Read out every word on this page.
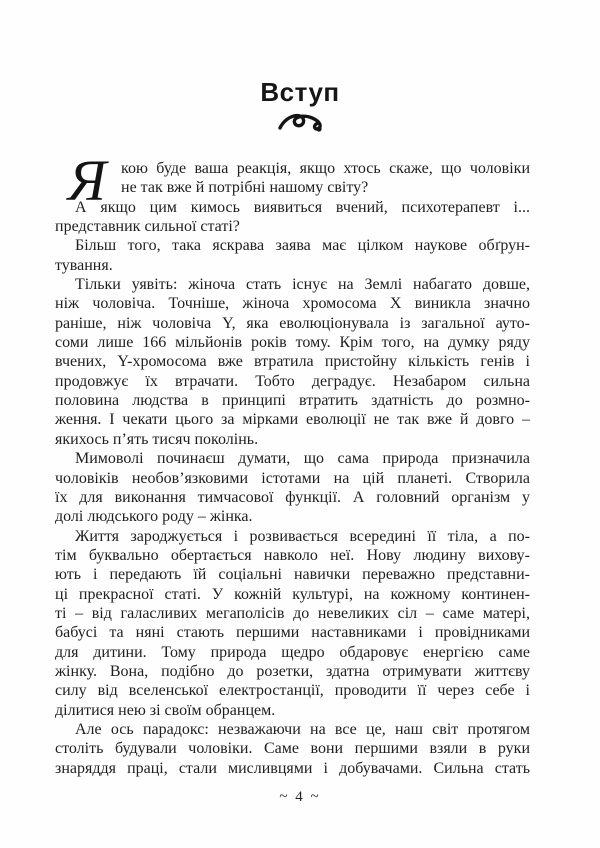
Вступ
Я кою буде ваша реакція, якщо хтось скаже, що чоловіки
не так вже й потрібні нашому світу?
А якщо цим кимось виявиться вчений, психотерапевт і...
представник сильної статі?
Більш того, така яскрава заява має цілком наукове обґрун-
тування.
Тільки уявіть: жіноча стать існує на Землі набагато довше,
ніж чоловіча. Точніше, жіноча хромосома X виникла значно
раніше, ніж чоловіча Y, яка еволюціонувала із загальної ауто-
соми лише 166 мільйонів років тому. Крім того, на думку ряду
вчених, Y-хромосома вже втратила пристойну кількість генів і
продовжує їх втрачати. Тобто деградує. Незабаром сильна
половина людства в принципі втратить здатність до розмно-
ження. І чекати цього за мірками еволюції не так вже й довго –
якихось п’ять тисяч поколінь.
Мимоволі починаєш думати, що сама природа призначила
чоловіків необов’язковими істотами на цій планеті. Створила
їх для виконання тимчасової функції. А головний організм у
долі людського роду – жінка.
Життя зароджується і розвивається всередині її тіла, а по-
тім буквально обертається навколо неї. Нову людину вихову-
ють і передають їй соціальні навички переважно представни-
ці прекрасної статі. У кожній культурі, на кожному континен-
ті – від галасливих мегаполісів до невеликих сіл – саме матері,
бабусі та няні стають першими наставниками і провідниками
для дитини. Тому природа щедро обдаровує енергією саме
жінку. Вона, подібно до розетки, здатна отримувати життєву
силу від вселенської електростанції, проводити її через себе і
ділитися нею зі своїм обранцем.
Але ось парадокс: незважаючи на все це, наш світ протягом
століть будували чоловіки. Саме вони першими взяли в руки
знаряддя праці, стали мисливцями і добувачами. Сильна стать
~ 4 ~
